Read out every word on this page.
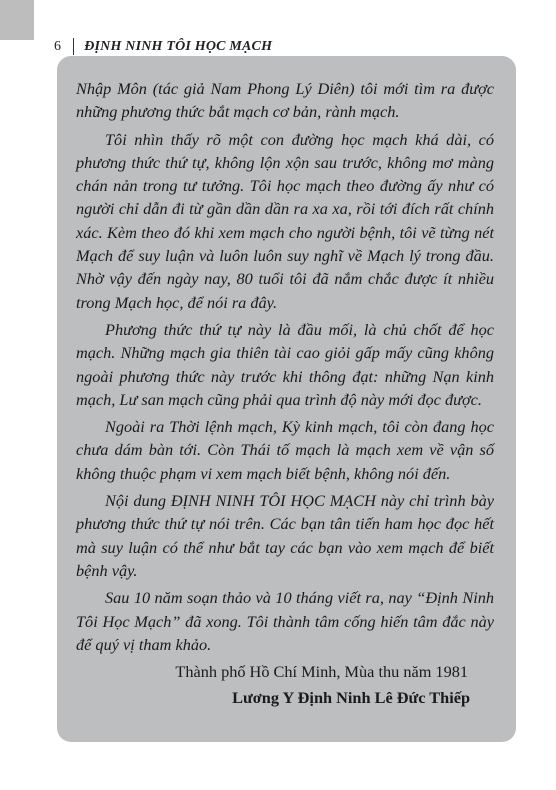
6 ĐỊNH NINH TÔI HỌC MẠCH

Nhập Môn (tác giả Nam Phong Lý Diên) tôi mới tìm ra được những phương thức bắt mạch cơ bản, rành mạch.

Tôi nhìn thấy rõ một con đường học mạch khá dài, có phương thức thứ tự, không lộn xộn sau trước, không mơ màng chán nản trong tư tưởng. Tôi học mạch theo đường ấy như có người chỉ dẫn đi từ gần dần dần ra xa xa, rồi tới đích rất chính xác. Kèm theo đó khi xem mạch cho người bệnh, tôi vẽ từng nét Mạch để suy luận và luôn luôn suy nghĩ về Mạch lý trong đầu. Nhờ vậy đến ngày nay, 80 tuổi tôi đã nắm chắc được ít nhiều trong Mạch học, để nói ra đây.

Phương thức thứ tự này là đầu mối, là chủ chốt để học mạch. Những mạch gia thiên tài cao giỏi gấp mấy cũng không ngoài phương thức này trước khi thông đạt: những Nạn kinh mạch, Lư san mạch cũng phải qua trình độ này mới đọc được.

Ngoài ra Thời lệnh mạch, Kỳ kinh mạch, tôi còn đang học chưa dám bàn tới. Còn Thái tố mạch là mạch xem về vận số không thuộc phạm vi xem mạch biết bệnh, không nói đến.

Nội dung ĐỊNH NINH TÔI HỌC MẠCH này chỉ trình bày phương thức thứ tự nói trên. Các bạn tân tiến ham học đọc hết mà suy luận có thể như bắt tay các bạn vào xem mạch để biết bệnh vậy.

Sau 10 năm soạn thảo và 10 tháng viết ra, nay “Định Ninh Tôi Học Mạch” đã xong. Tôi thành tâm cống hiến tâm đắc này để quý vị tham khảo.

Thành phố Hồ Chí Minh, Mùa thu năm 1981

Lương Y Định Ninh Lê Đức Thiếp
